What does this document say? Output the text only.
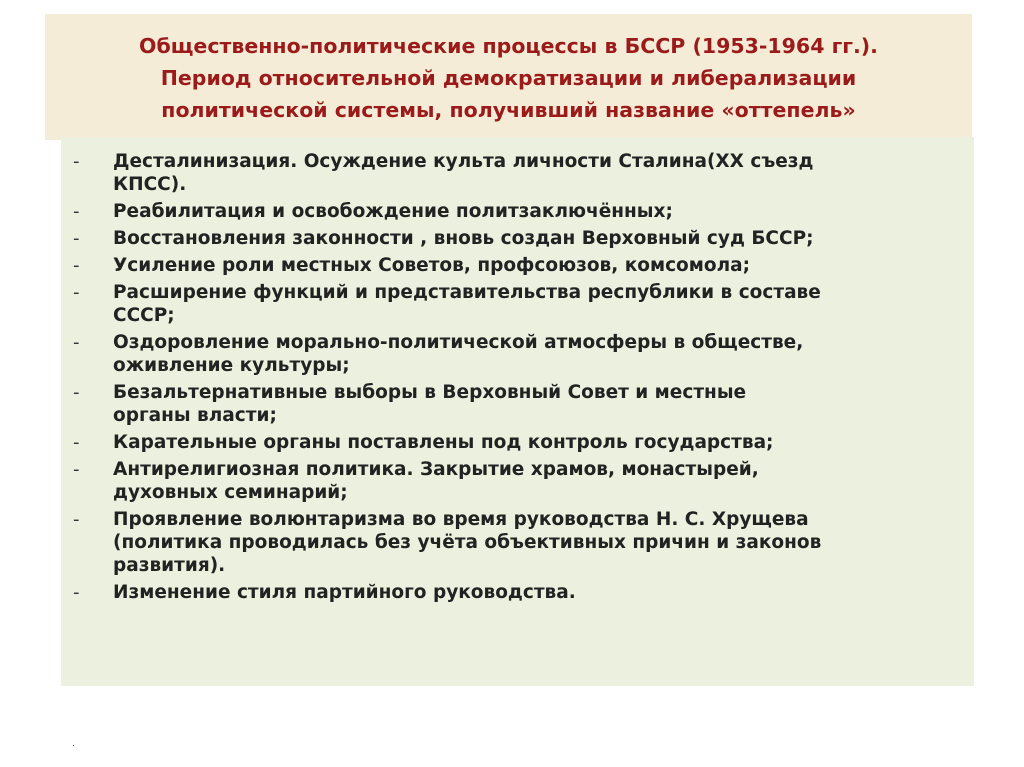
Общественно-политические процессы в БССР (1953-1964 гг.).
Период относительной демократизации и либерализации
политической системы, получивший название «оттепель»
- Десталинизация. Осуждение культа личности Сталина(XX съезд
КПСС).
- Реабилитация и освобождение политзаключённых;
- Восстановления законности , вновь создан Верховный суд БССР;
- Усиление роли местных Советов, профсоюзов, комсомола;
- Расширение функций и представительства республики в составе
СССР;
- Оздоровление морально-политической атмосферы в обществе,
оживление культуры;
- Безальтернативные выборы в Верховный Совет и местные
органы власти;
- Карательные органы поставлены под контроль государства;
- Антирелигиозная политика. Закрытие храмов, монастырей,
духовных семинарий;
- Проявление волюнтаризма во время руководства Н. С. Хрущева
(политика проводилась без учёта объективных причин и законов
развития).
- Изменение стиля партийного руководства.
.
